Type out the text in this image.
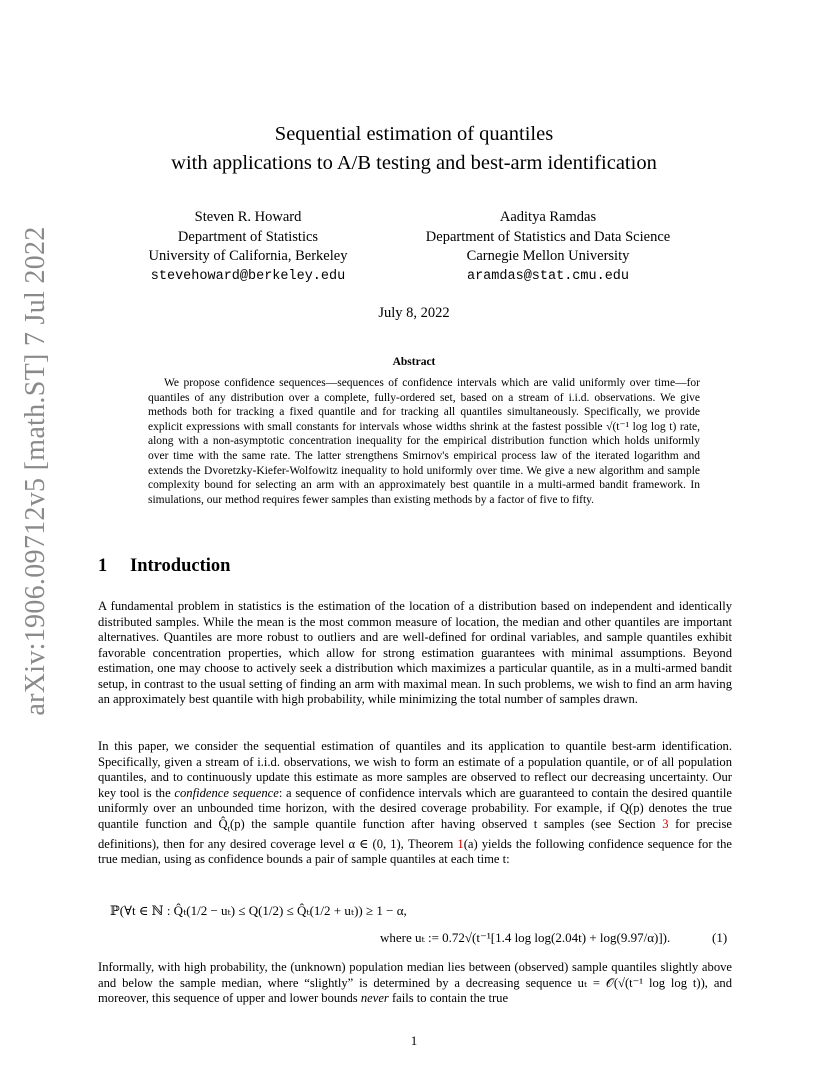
arXiv:1906.09712v5 [math.ST] 7 Jul 2022
Sequential estimation of quantiles
with applications to A/B testing and best-arm identification
Steven R. Howard
Department of Statistics
University of California, Berkeley
stevehoward@berkeley.edu
Aaditya Ramdas
Department of Statistics and Data Science
Carnegie Mellon University
aramdas@stat.cmu.edu
July 8, 2022
Abstract

We propose confidence sequences—sequences of confidence intervals which are valid uniformly over time—for quantiles of any distribution over a complete, fully-ordered set, based on a stream of i.i.d. observations. We give methods both for tracking a fixed quantile and for tracking all quantiles simultaneously. Specifically, we provide explicit expressions with small constants for intervals whose widths shrink at the fastest possible √(t⁻¹ log log t) rate, along with a non-asymptotic concentration inequality for the empirical distribution function which holds uniformly over time with the same rate. The latter strengthens Smirnov's empirical process law of the iterated logarithm and extends the Dvoretzky-Kiefer-Wolfowitz inequality to hold uniformly over time. We give a new algorithm and sample complexity bound for selecting an arm with an approximately best quantile in a multi-armed bandit framework. In simulations, our method requires fewer samples than existing methods by a factor of five to fifty.

1 Introduction

A fundamental problem in statistics is the estimation of the location of a distribution based on independent and identically distributed samples. While the mean is the most common measure of location, the median and other quantiles are important alternatives. Quantiles are more robust to outliers and are well-defined for ordinal variables, and sample quantiles exhibit favorable concentration properties, which allow for strong estimation guarantees with minimal assumptions. Beyond estimation, one may choose to actively seek a distribution which maximizes a particular quantile, as in a multi-armed bandit setup, in contrast to the usual setting of finding an arm with maximal mean. In such problems, we wish to find an arm having an approximately best quantile with high probability, while minimizing the total number of samples drawn.

In this paper, we consider the sequential estimation of quantiles and its application to quantile best-arm identification. Specifically, given a stream of i.i.d. observations, we wish to form an estimate of a population quantile, or of all population quantiles, and to continuously update this estimate as more samples are observed to reflect our decreasing uncertainty. Our key tool is the confidence sequence: a sequence of confidence intervals which are guaranteed to contain the desired quantile uniformly over an unbounded time horizon, with the desired coverage probability. For example, if Q(p) denotes the true quantile function and $Q̂_t(p)$ the sample quantile function after having observed t samples (see Section 3 for precise definitions), then for any desired coverage level α ∈ (0, 1), Theorem 1(a) yields the following confidence sequence for the true median, using as confidence bounds a pair of sample quantiles at each time t:

ℙ(∀t ∈ ℕ : Q̂ₜ(1/2 − uₜ) ≤ Q(1/2) ≤ Q̂ₜ(1/2 + uₜ)) ≥ 1 − α,
where uₜ := 0.72√(t⁻¹[1.4 log log(2.04t) + log(9.97/α)]).	(1)

Informally, with high probability, the (unknown) population median lies between (observed) sample quantiles slightly above and below the sample median, where “slightly” is determined by a decreasing sequence uₜ = 𝒪(√(t⁻¹ log log t)), and moreover, this sequence of upper and lower bounds never fails to contain the true

1
